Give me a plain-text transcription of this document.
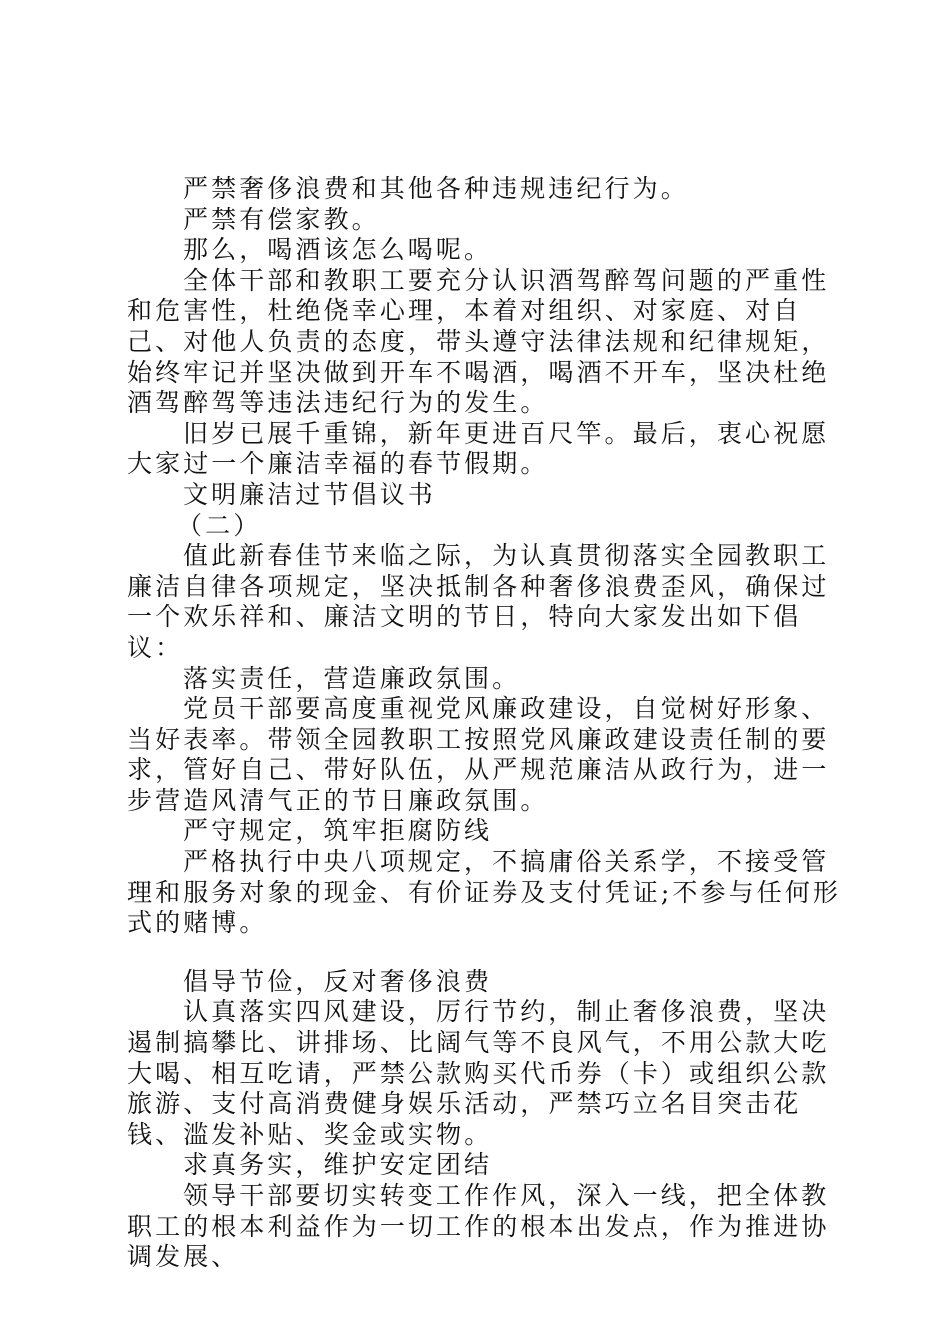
严禁奢侈浪费和其他各种违规违纪行为。

严禁有偿家教。

那么，喝酒该怎么喝呢。

全体干部和教职工要充分认识酒驾醉驾问题的严重性和危害性，杜绝侥幸心理，本着对组织、对家庭、对自己、对他人负责的态度，带头遵守法律法规和纪律规矩，始终牢记并坚决做到开车不喝酒，喝酒不开车，坚决杜绝酒驾醉驾等违法违纪行为的发生。

旧岁已展千重锦，新年更进百尺竿。最后，衷心祝愿大家过一个廉洁幸福的春节假期。

文明廉洁过节倡议书

（二）

值此新春佳节来临之际，为认真贯彻落实全园教职工廉洁自律各项规定，坚决抵制各种奢侈浪费歪风，确保过一个欢乐祥和、廉洁文明的节日，特向大家发出如下倡议：

落实责任，营造廉政氛围。

党员干部要高度重视党风廉政建设，自觉树好形象、当好表率。带领全园教职工按照党风廉政建设责任制的要求，管好自己、带好队伍，从严规范廉洁从政行为，进一步营造风清气正的节日廉政氛围。

严守规定，筑牢拒腐防线

严格执行中央八项规定，不搞庸俗关系学，不接受管理和服务对象的现金、有价证券及支付凭证;不参与任何形式的赌博。

倡导节俭，反对奢侈浪费

认真落实四风建设，厉行节约，制止奢侈浪费，坚决遏制搞攀比、讲排场、比阔气等不良风气，不用公款大吃大喝、相互吃请，严禁公款购买代币券（卡）或组织公款旅游、支付高消费健身娱乐活动，严禁巧立名目突击花钱、滥发补贴、奖金或实物。

求真务实，维护安定团结

领导干部要切实转变工作作风，深入一线，把全体教职工的根本利益作为一切工作的根本出发点，作为推进协调发展、
